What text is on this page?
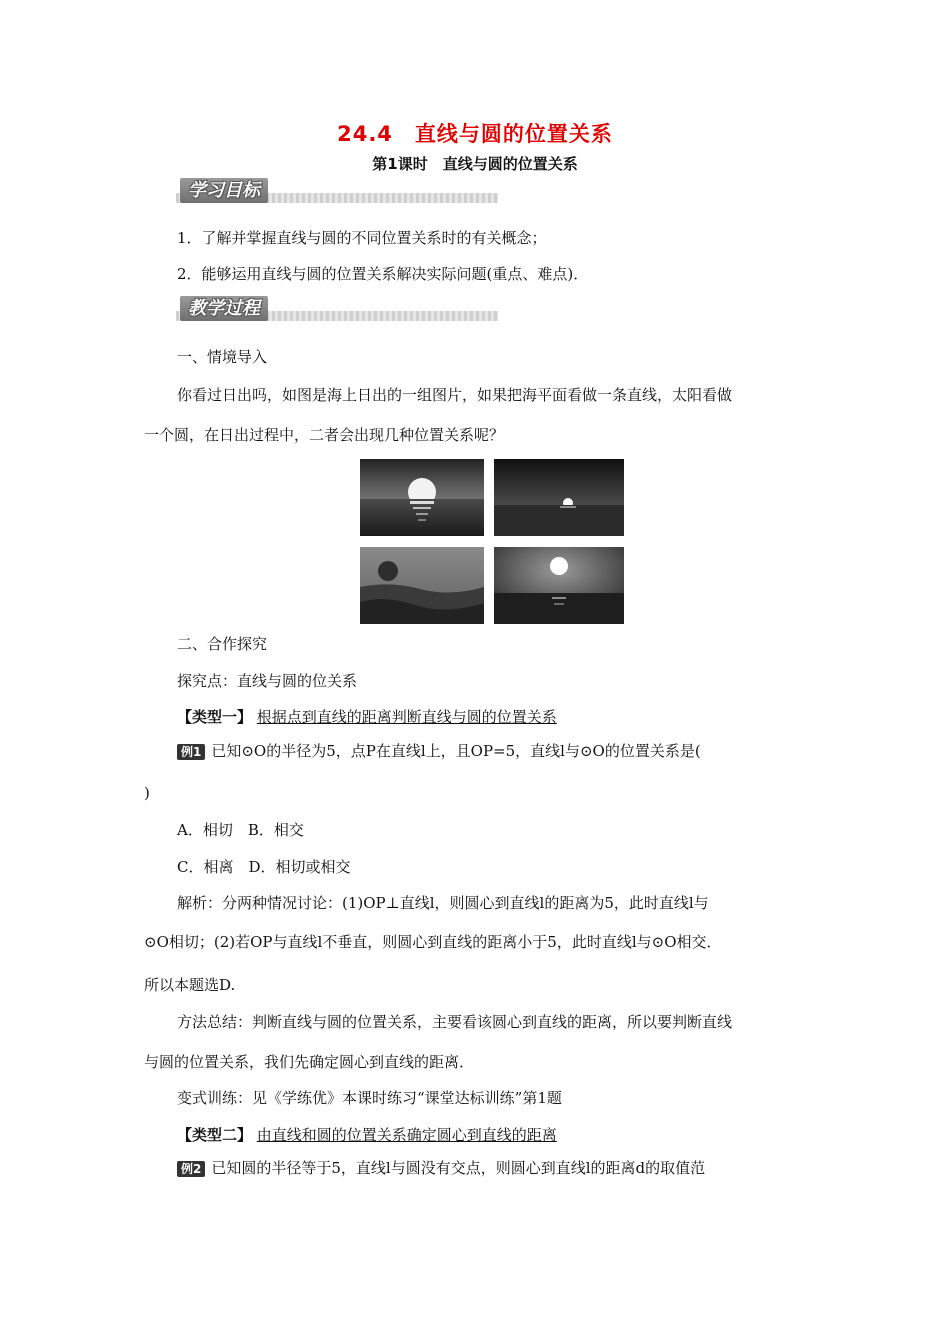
24.4　直线与圆的位置关系
第1课时　直线与圆的位置关系
学习目标
1．了解并掌握直线与圆的不同位置关系时的有关概念；
2．能够运用直线与圆的位置关系解决实际问题(重点、难点)．
教学过程
一、情境导入
你看过日出吗，如图是海上日出的一组图片，如果把海平面看做一条直线，太阳看做
一个圆，在日出过程中，二者会出现几种位置关系呢？
二、合作探究
探究点：直线与圆的位关系
【类型一】 根据点到直线的距离判断直线与圆的位置关系
例1 已知⊙O的半径为5，点P在直线l上，且OP=5，直线l与⊙O的位置关系是(
)
A．相切　B．相交
C．相离　D．相切或相交
解析：分两种情况讨论：(1)OP⊥直线l，则圆心到直线l的距离为5，此时直线l与
⊙O相切；(2)若OP与直线l不垂直，则圆心到直线的距离小于5，此时直线l与⊙O相交．
所以本题选D.
方法总结：判断直线与圆的位置关系，主要看该圆心到直线的距离，所以要判断直线
与圆的位置关系，我们先确定圆心到直线的距离．
变式训练：见《学练优》本课时练习“课堂达标训练”第1题
【类型二】 由直线和圆的位置关系确定圆心到直线的距离
例2 已知圆的半径等于5，直线l与圆没有交点，则圆心到直线l的距离d的取值范
